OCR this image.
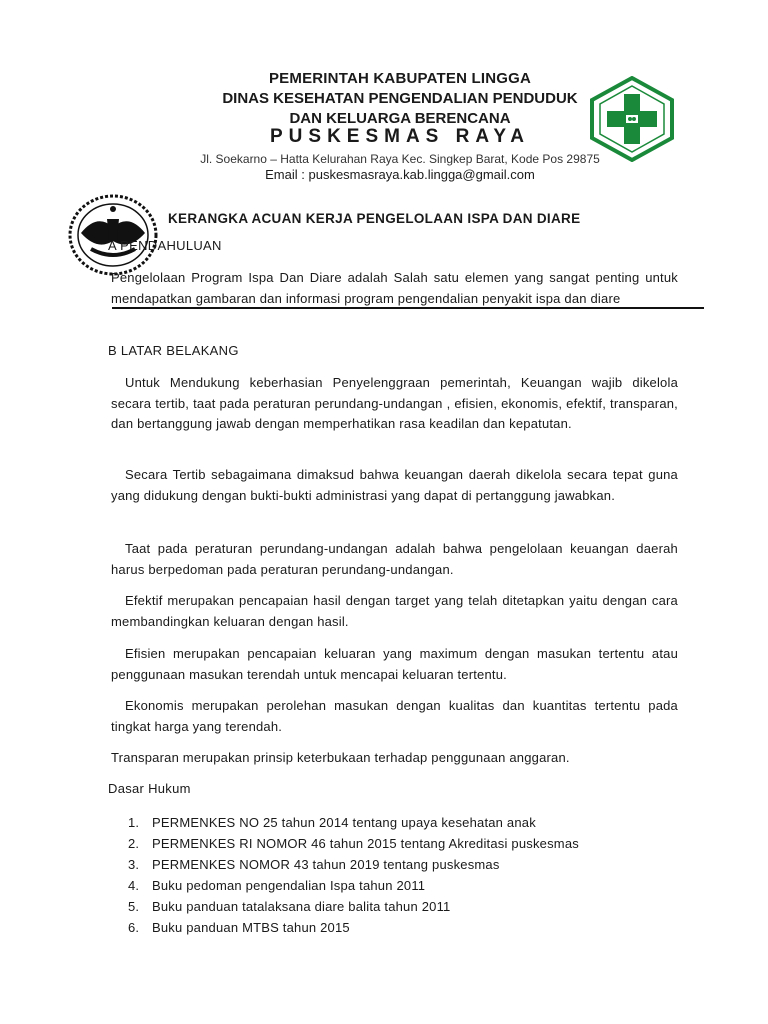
PEMERINTAH KABUPATEN LINGGA
DINAS KESEHATAN PENGENDALIAN PENDUDUK
DAN KELUARGA BERENCANA
PUSKESMAS RAYA
Jl. Soekarno – Hatta Kelurahan Raya Kec. Singkep Barat, Kode Pos 29875
Email : puskesmasraya.kab.lingga@gmail.com
KERANGKA ACUAN KERJA PENGELOLAAN ISPA DAN DIARE
A PENDAHULUAN
Pengelolaan Program Ispa Dan Diare adalah Salah satu elemen yang sangat penting untuk mendapatkan gambaran dan informasi program pengendalian penyakit ispa dan diare
B LATAR BELAKANG
Untuk Mendukung keberhasian Penyelenggraan pemerintah, Keuangan wajib dikelola secara tertib, taat pada peraturan perundang-undangan , efisien, ekonomis, efektif, transparan, dan bertanggung jawab dengan memperhatikan rasa keadilan dan kepatutan.
Secara Tertib sebagaimana dimaksud bahwa keuangan daerah dikelola secara tepat guna yang didukung dengan bukti-bukti administrasi yang dapat di pertanggung jawabkan.
Taat pada peraturan perundang-undangan adalah bahwa pengelolaan keuangan daerah harus berpedoman pada peraturan perundang-undangan.
Efektif merupakan pencapaian hasil dengan target yang telah ditetapkan yaitu dengan cara membandingkan keluaran dengan hasil.
Efisien merupakan pencapaian keluaran yang maximum dengan masukan tertentu atau penggunaan masukan terendah untuk mencapai keluaran tertentu.
Ekonomis merupakan perolehan masukan dengan kualitas dan kuantitas tertentu pada tingkat harga yang terendah.
Transparan merupakan prinsip keterbukaan terhadap penggunaan anggaran.
Dasar Hukum
1. PERMENKES NO 25 tahun 2014 tentang upaya kesehatan anak
2. PERMENKES RI NOMOR 46 tahun 2015 tentang Akreditasi puskesmas
3. PERMENKES NOMOR 43 tahun 2019 tentang puskesmas
4. Buku pedoman pengendalian Ispa tahun 2011
5. Buku panduan tatalaksana diare balita tahun 2011
6. Buku panduan MTBS tahun 2015
